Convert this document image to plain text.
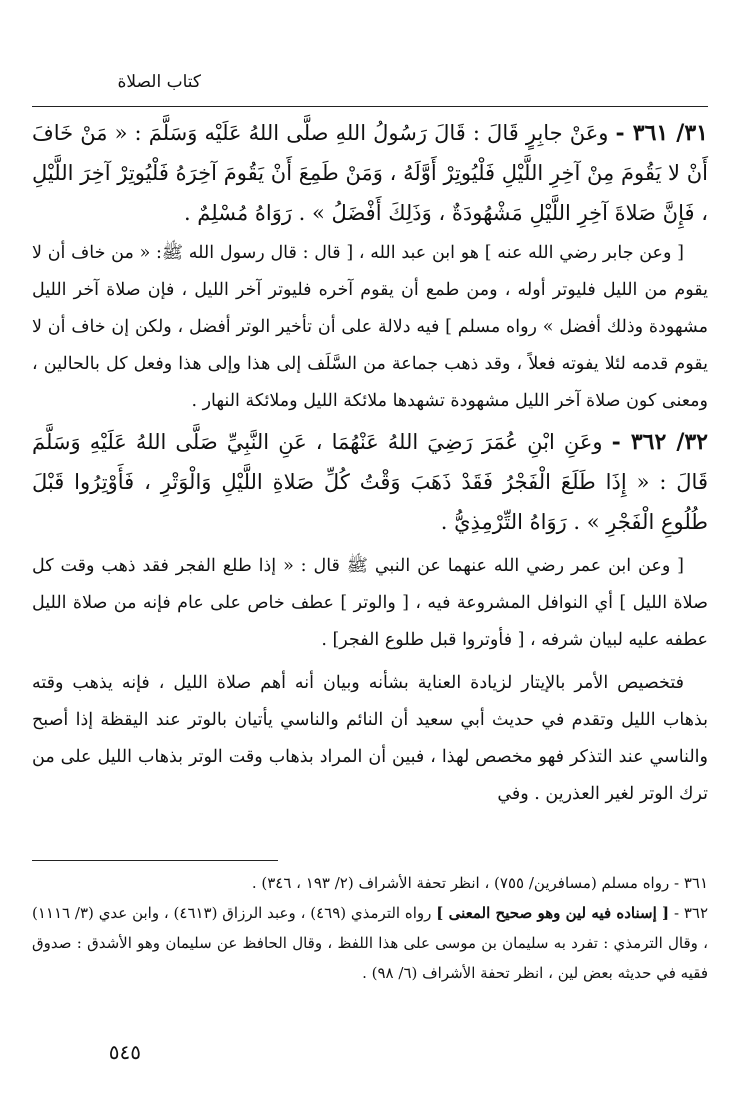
كتاب الصلاة

٣١/ ٣٦١ - وعَنْ جابِرٍ قَالَ : قَالَ رَسُولُ اللهِ صلَّى اللهُ عَلَيْه وَسَلَّمَ : « مَنْ خَافَ أَنْ لا يَقُومَ مِنْ آخِرِ اللَّيْلِ فَلْيُوتِرْ أَوَّلَهُ ، وَمَنْ طَمِعَ أَنْ يَقُومَ آخِرَهُ فَلْيُوتِرْ آخِرَ اللَّيْلِ ، فَإِنَّ صَلاةَ آخِرِ اللَّيْلِ مَشْهُودَةٌ ، وَذَلِكَ أَفْضَلُ » . رَوَاهُ مُسْلِمٌ .

[ وعن جابر رضي الله عنه ] هو ابن عبد الله ، [ قال : قال رسول الله ﷺ: « من خاف أن لا يقوم من الليل فليوتر أوله ، ومن طمع أن يقوم آخره فليوتر آخر الليل ، فإن صلاة آخر الليل مشهودة وذلك أفضل » رواه مسلم ] فيه دلالة على أن تأخير الوتر أفضل ، ولكن إن خاف أن لا يقوم قدمه لئلا يفوته فعلاً ، وقد ذهب جماعة من السَّلَف إلى هذا وإلى هذا وفعل كل بالحالين ، ومعنى كون صلاة آخر الليل مشهودة تشهدها ملائكة الليل وملائكة النهار .

٣٢/ ٣٦٢ - وعَنِ ابْنِ عُمَرَ رَضِيَ اللهُ عَنْهُمَا ، عَنِ النَّبِيِّ صَلَّى اللهُ عَلَيْهِ وَسَلَّمَ قَالَ : « إِذَا طَلَعَ الْفَجْرُ فَقَدْ ذَهَبَ وَقْتُ كُلِّ صَلاةِ اللَّيْلِ وَالْوَتْرِ ، فَأَوْتِرُوا قَبْلَ طُلُوعِ الْفَجْرِ » . رَوَاهُ التِّرْمِذِيُّ .

[ وعن ابن عمر رضي الله عنهما عن النبي ﷺ قال : « إذا طلع الفجر فقد ذهب وقت كل صلاة الليل ] أي النوافل المشروعة فيه ، [ والوتر ] عطف خاص على عام فإنه من صلاة الليل عطفه عليه لبيان شرفه ، [ فأوتروا قبل طلوع الفجر] .

فتخصيص الأمر بالإيتار لزيادة العناية بشأنه وبيان أنه أهم صلاة الليل ، فإنه يذهب وقته بذهاب الليل وتقدم في حديث أبي سعيد أن النائم والناسي يأتيان بالوتر عند اليقظة إذا أصبح والناسي عند التذكر فهو مخصص لهذا ، فبين أن المراد بذهاب وقت الوتر بذهاب الليل على من ترك الوتر لغير العذرين . وفي

٣٦١ - رواه مسلم (مسافرين/ ٧٥٥) ، انظر تحفة الأشراف (٢/ ١٩٣ ، ٣٤٦) .

٣٦٢ - [ إسناده فيه لين وهو صحيح المعنى ] رواه الترمذي (٤٦٩) ، وعبد الرزاق (٤٦١٣) ، وابن عدي (٣/ ١١١٦) ، وقال الترمذي : تفرد به سليمان بن موسى على هذا اللفظ ، وقال الحافظ عن سليمان وهو الأشدق : صدوق فقيه في حديثه بعض لين ، انظر تحفة الأشراف (٦/ ٩٨) .

٥٤٥
